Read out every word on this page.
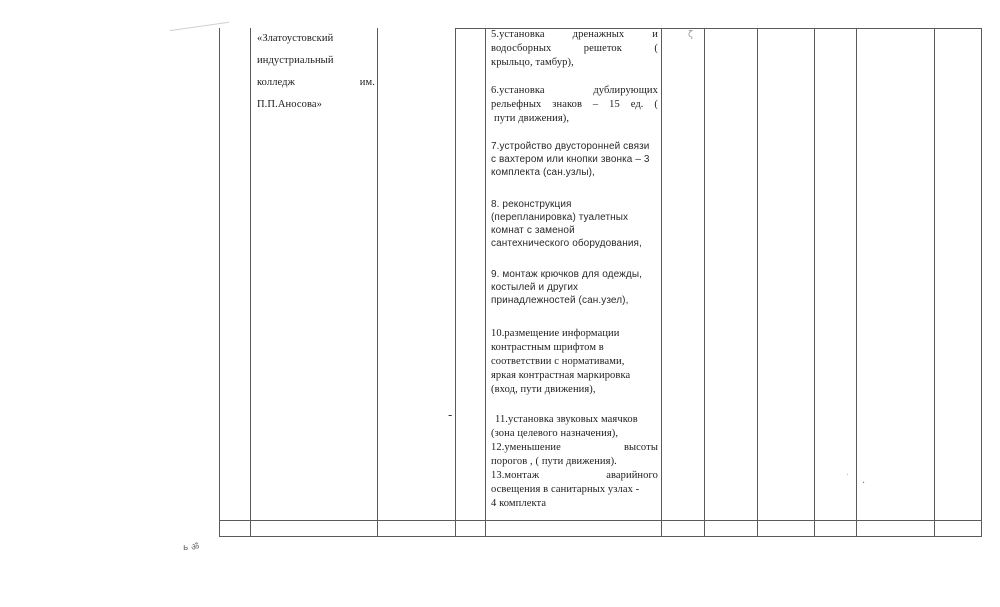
«Златоустовский
индустриальный
колледж	им.
П.П.Аносова»
5.установка дренажных и
водосборных решеток (
крыльцо, тамбур),
6.установка дублирующих
рельефных знаков – 15 ед. (
пути движения),
7.устройство двусторонней связи
с вахтером или кнопки звонка – 3
комплекта (сан.узлы),
8. реконструкция
(перепланировка) туалетных
комнат с заменой
сантехнического оборудования,
9. монтаж крючков для одежды,
костылей и других
принадлежностей (сан.узел),
10.размещение информации
контрастным шрифтом в
соответствии с нормативами,
яркая контрастная маркировка
(вход, пути движения),
11.установка звуковых маячков
(зона целевого назначения),
12.уменьшение высоты
порогов , ( пути движения).
13.монтаж аварийного
освещения в санитарных узлах -
4 комплекта
-
ζ
·
·
ь ॐ
